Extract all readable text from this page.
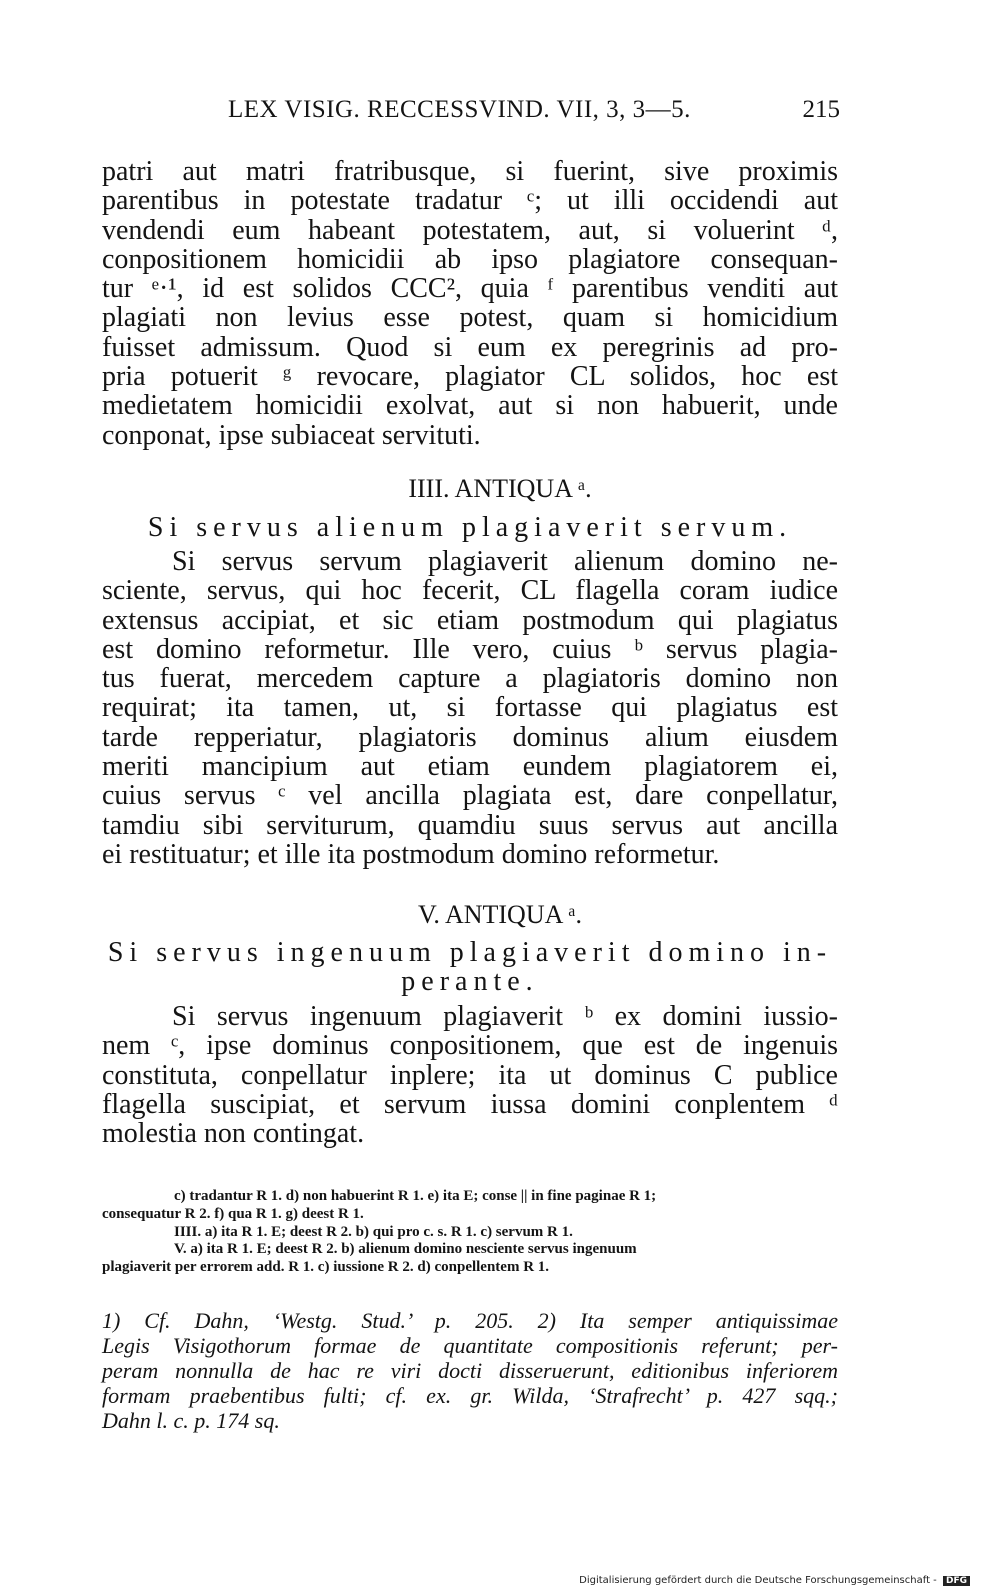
LEX VISIG. RECCESSVIND. VII, 3, 3—5.	215
patri aut matri fratribusque, si fuerint, sive proximis
parentibus in potestate tradatur ᶜ; ut illi occidendi aut
vendendi eum habeant potestatem, aut, si voluerint ᵈ,
conpositionem homicidii ab ipso plagiatore consequan-
tur ᵉ·¹, id est solidos CCC², quia ᶠ parentibus venditi aut
plagiati non levius esse potest, quam si homicidium
fuisset admissum. Quod si eum ex peregrinis ad pro-
pria potuerit ᵍ revocare, plagiator CL solidos, hoc est
medietatem homicidii exolvat, aut si non habuerit, unde
conponat, ipse subiaceat servituti.
IIII. ANTIQUA ᵃ.
Si servus alienum plagiaverit servum.
Si servus servum plagiaverit alienum domino ne-
sciente, servus, qui hoc fecerit, CL flagella coram iudice
extensus accipiat, et sic etiam postmodum qui plagiatus
est domino reformetur. Ille vero, cuius ᵇ servus plagia-
tus fuerat, mercedem capture a plagiatoris domino non
requirat; ita tamen, ut, si fortasse qui plagiatus est
tarde repperiatur, plagiatoris dominus alium eiusdem
meriti mancipium aut etiam eundem plagiatorem ei,
cuius servus ᶜ vel ancilla plagiata est, dare conpellatur,
tamdiu sibi serviturum, quamdiu suus servus aut ancilla
ei restituatur; et ille ita postmodum domino reformetur.
V. ANTIQUA ᵃ.
Si servus ingenuum plagiaverit domino in-
perante.
Si servus ingenuum plagiaverit ᵇ ex domini iussio-
nem ᶜ, ipse dominus conpositionem, que est de ingenuis
constituta, conpellatur inplere; ita ut dominus C publice
flagella suscipiat, et servum iussa domini conplentem ᵈ
molestia non contingat.
c) tradantur R 1. d) non habuerint R 1. e) ita E; conse || in fine paginae R 1;
consequatur R 2. f) qua R 1. g) deest R 1.
IIII. a) ita R 1. E; deest R 2. b) qui pro c. s. R 1. c) servum R 1.
V. a) ita R 1. E; deest R 2. b) alienum domino nesciente servus ingenuum
plagiaverit per errorem add. R 1. c) iussione R 2. d) conpellentem R 1.
1) Cf. Dahn, ‘Westg. Stud.’ p. 205. 2) Ita semper antiquissimae
Legis Visigothorum formae de quantitate compositionis referunt; per-
peram nonnulla de hac re viri docti disseruerunt, editionibus inferiorem
formam praebentibus fulti; cf. ex. gr. Wilda, ‘Strafrecht’ p. 427 sqq.;
Dahn l. c. p. 174 sq.
Digitalisierung gefördert durch die Deutsche Forschungsgemeinschaft - DFG
